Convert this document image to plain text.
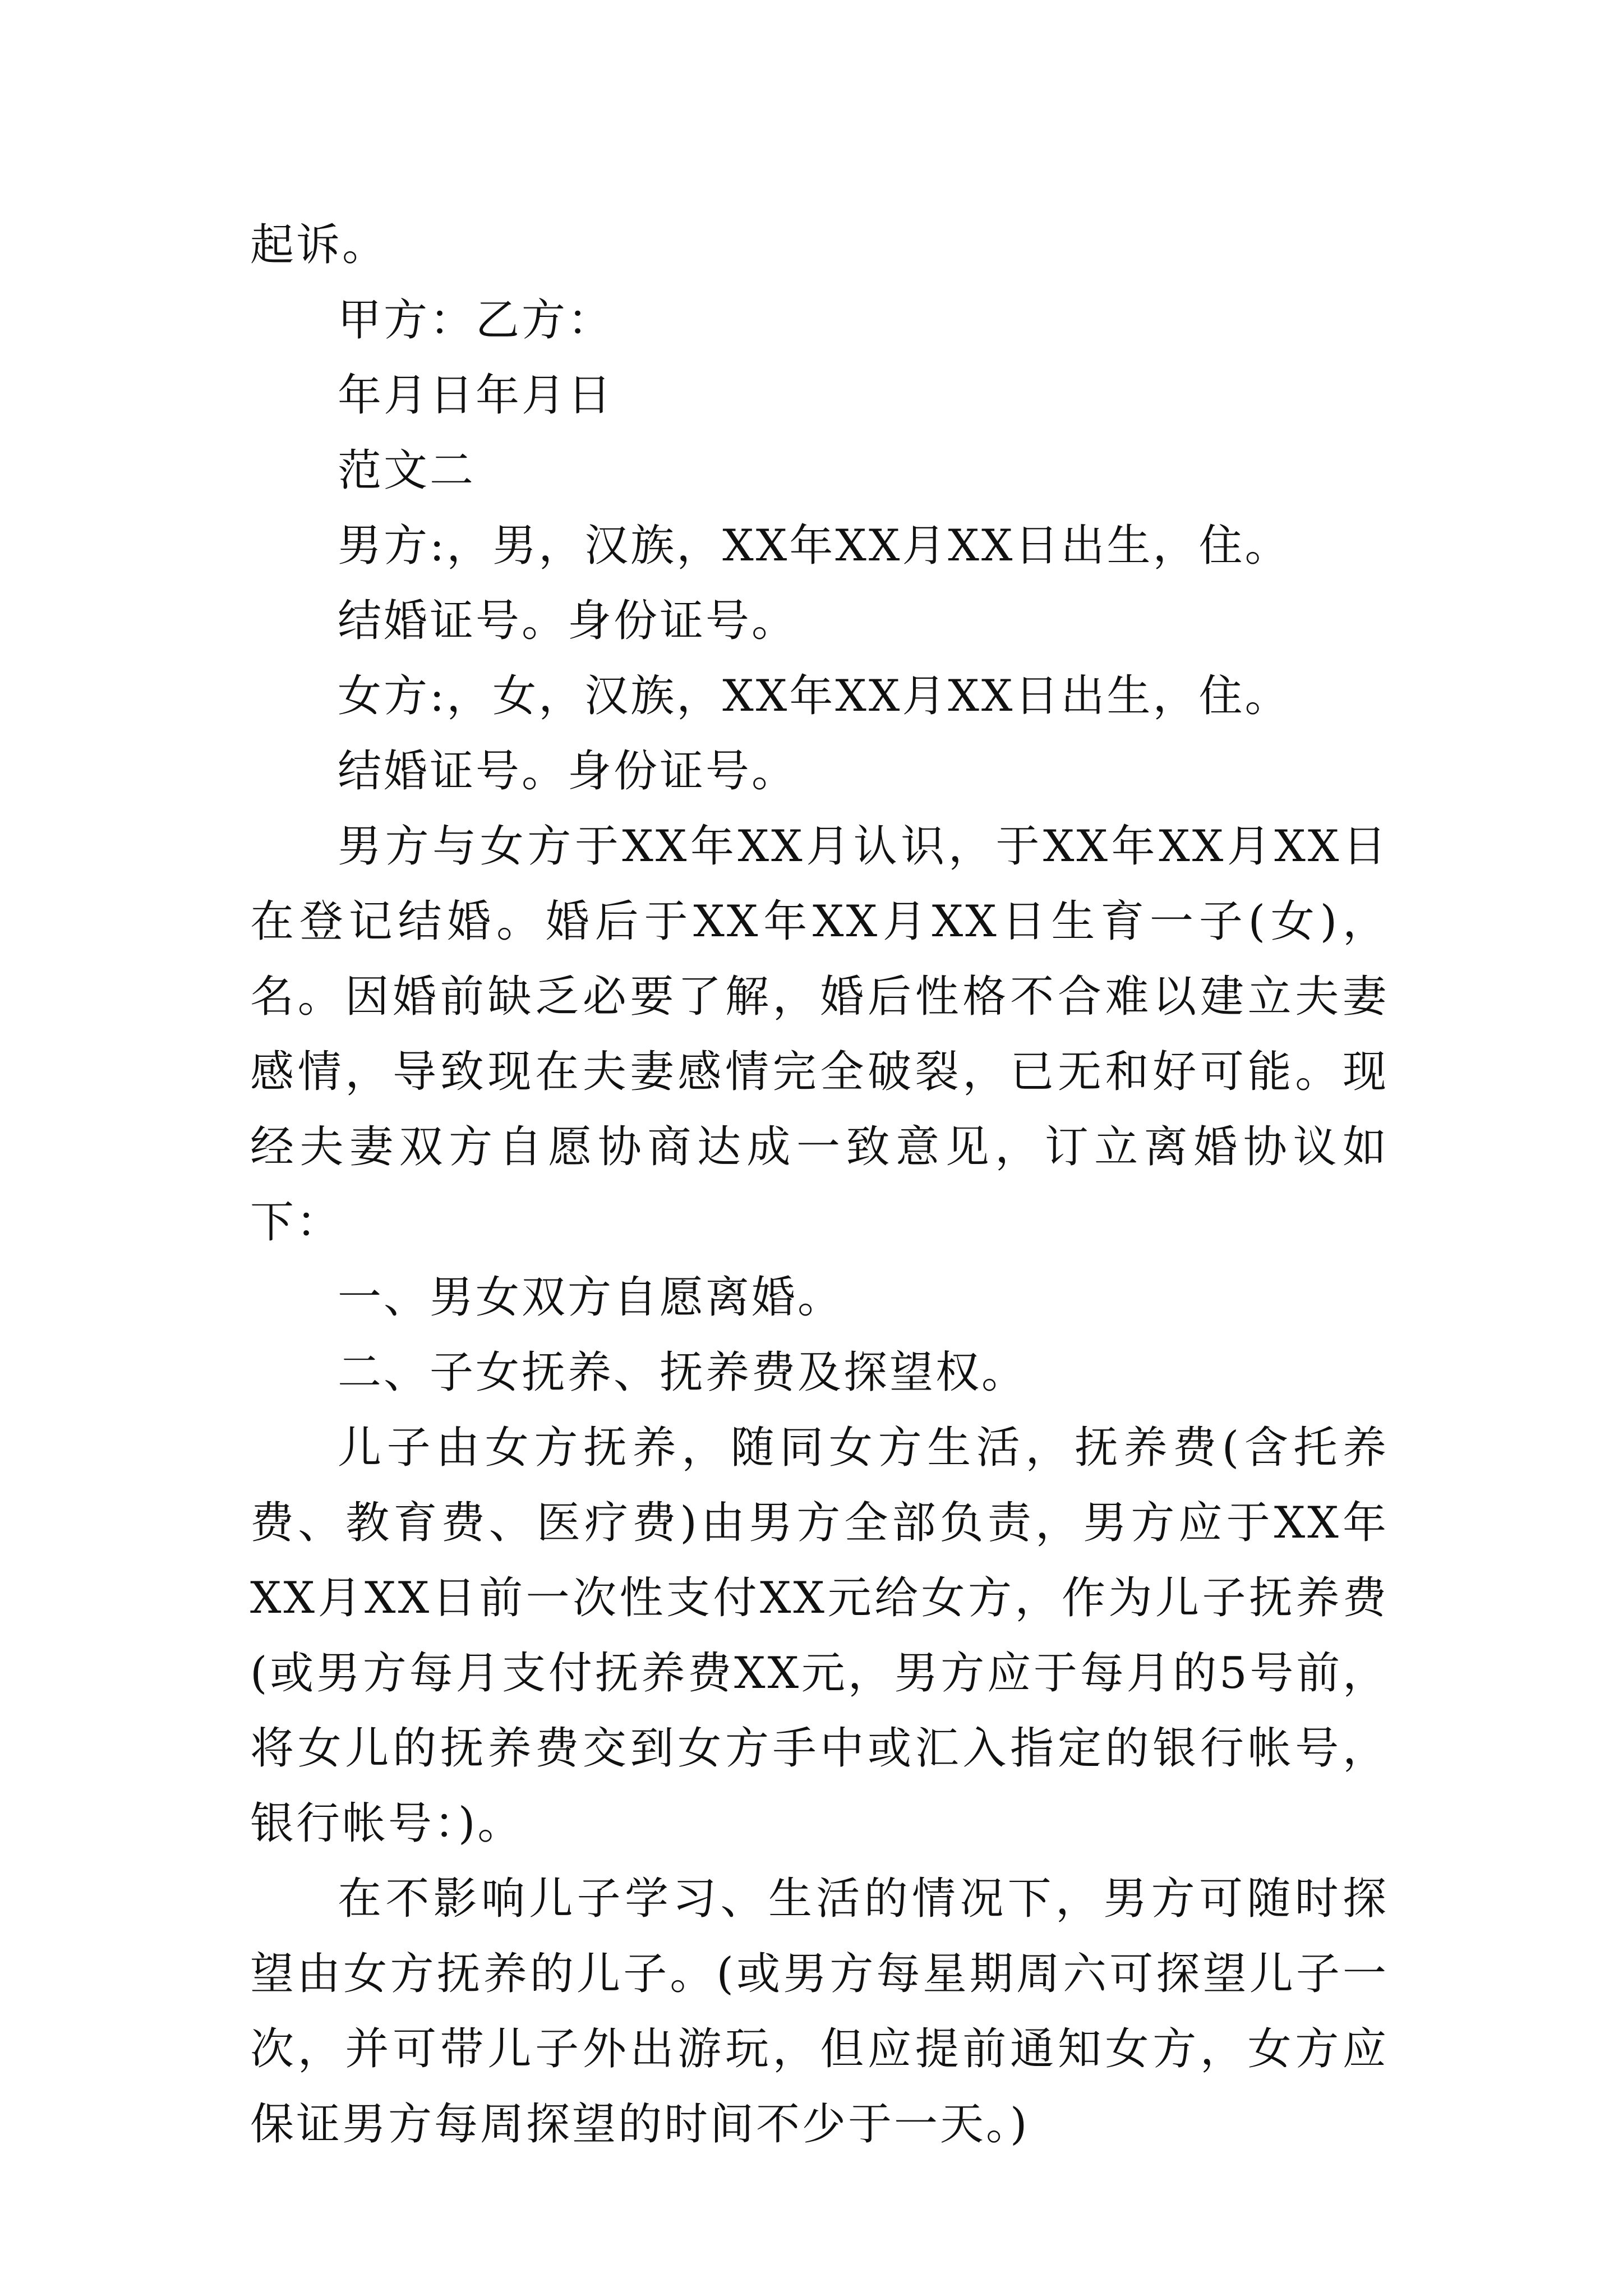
起诉。

甲方：乙方：

年月日年月日

范文二

男方:，男，汉族，XX年XX月XX日出生，住。

结婚证号。身份证号。

女方:，女，汉族，XX年XX月XX日出生，住。

结婚证号。身份证号。

男方与女方于XX年XX月认识，于XX年XX月XX日在登记结婚。婚后于XX年XX月XX日生育一子(女)，名。因婚前缺乏必要了解，婚后性格不合难以建立夫妻感情，导致现在夫妻感情完全破裂，已无和好可能。现经夫妻双方自愿协商达成一致意见，订立离婚协议如下：

一、男女双方自愿离婚。

二、子女抚养、抚养费及探望权。

儿子由女方抚养，随同女方生活，抚养费(含托养费、教育费、医疗费)由男方全部负责，男方应于XX年XX月XX日前一次性支付XX元给女方，作为儿子抚养费(或男方每月支付抚养费XX元，男方应于每月的5号前，将女儿的抚养费交到女方手中或汇入指定的银行帐号，银行帐号：)。

在不影响儿子学习、生活的情况下，男方可随时探望由女方抚养的儿子。(或男方每星期周六可探望儿子一次，并可带儿子外出游玩，但应提前通知女方，女方应保证男方每周探望的时间不少于一天。)
